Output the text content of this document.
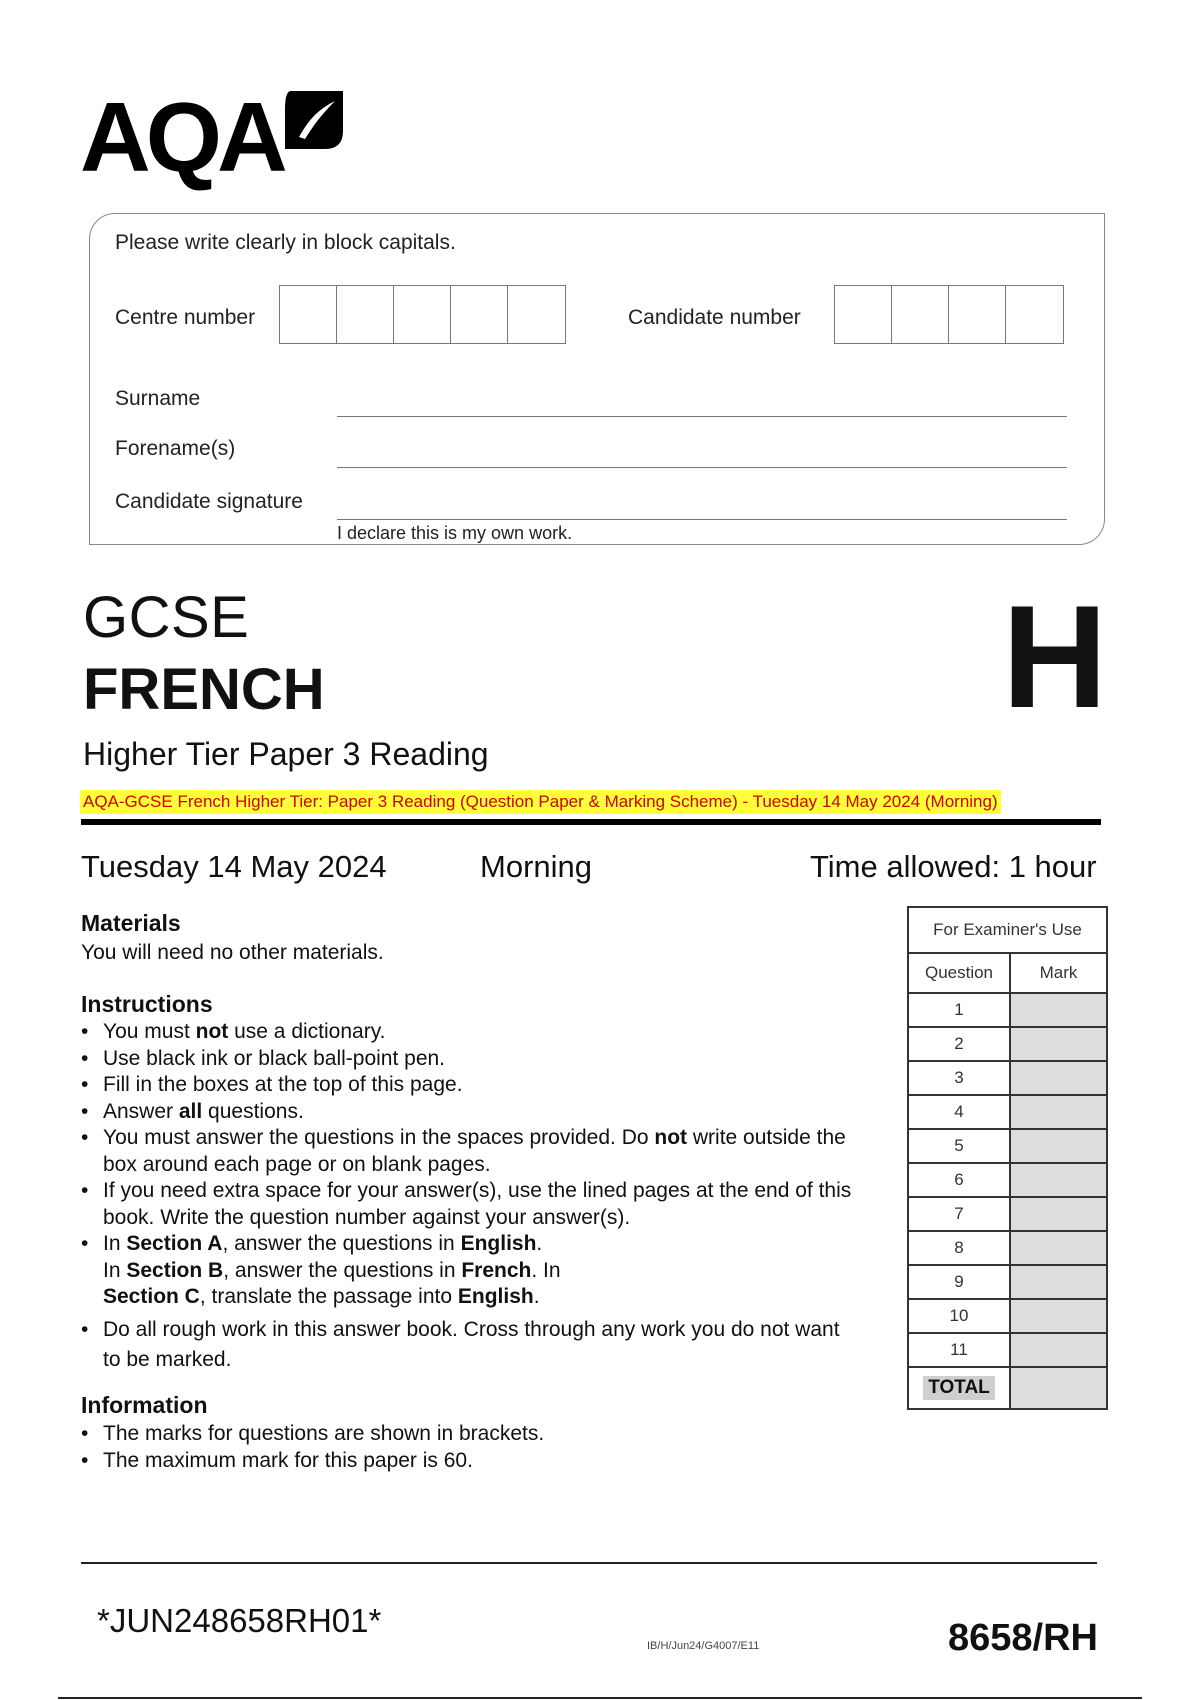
AQA
Please write clearly in block capitals.
Centre number	Candidate number
Surname
Forename(s)
Candidate signature
I declare this is my own work.
GCSE
FRENCH	H
Higher Tier Paper 3 Reading
AQA-GCSE French Higher Tier: Paper 3 Reading (Question Paper & Marking Scheme) - Tuesday 14 May 2024 (Morning)
Tuesday 14 May 2024	Morning	Time allowed: 1 hour
Materials
You will need no other materials.
Instructions
• You must not use a dictionary.
• Use black ink or black ball-point pen.
• Fill in the boxes at the top of this page.
• Answer all questions.
• You must answer the questions in the spaces provided. Do not write outside the box around each page or on blank pages.
• If you need extra space for your answer(s), use the lined pages at the end of this book. Write the question number against your answer(s).
• In Section A, answer the questions in English.
In Section B, answer the questions in French. In
Section C, translate the passage into English.
• Do all rough work in this answer book. Cross through any work you do not want to be marked.
Information
• The marks for questions are shown in brackets.
• The maximum mark for this paper is 60.
For Examiner's Use	
Question	Mark
1	
2	
3	
4	
5	
6	
7	
8	
9	
10	
11	
TOTAL	
*JUN248658RH01*
IB/H/Jun24/G4007/E11	8658/RH
